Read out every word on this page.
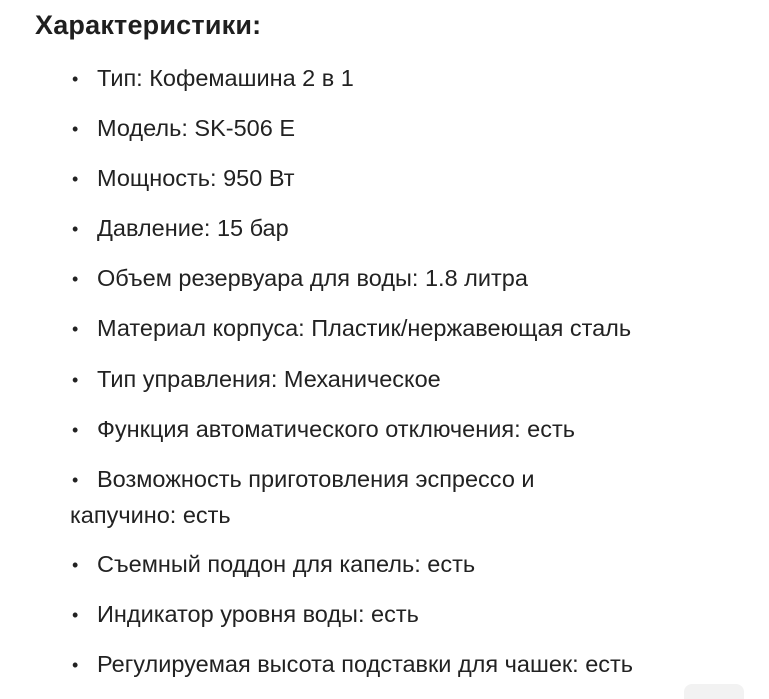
Характеристики:
• Тип: Кофемашина 2 в 1
• Модель: SK-506 E
• Мощность: 950 Вт
• Давление: 15 бар
• Объем резервуара для воды: 1.8 литра
• Материал корпуса: Пластик/нержавеющая сталь
• Тип управления: Механическое
• Функция автоматического отключения: есть
• Возможность приготовления эспрессо и капучино: есть
• Съемный поддон для капель: есть
• Индикатор уровня воды: есть
• Регулируемая высота подставки для чашек: есть
